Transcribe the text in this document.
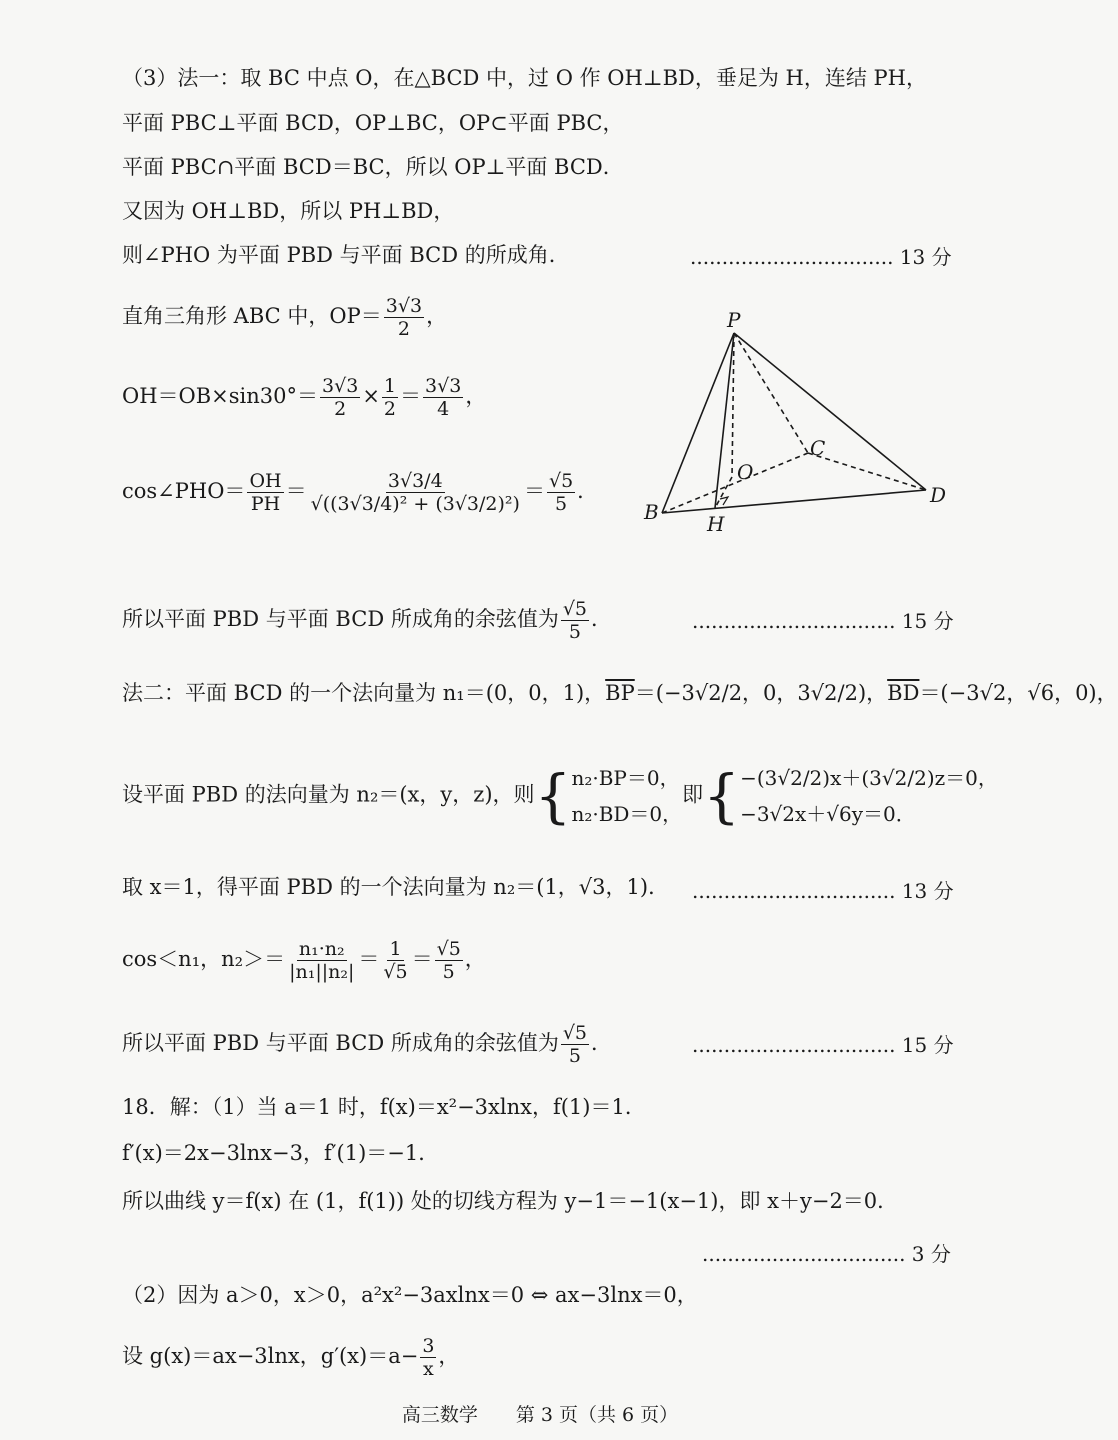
（3）法一：取 BC 中点 O，在△BCD 中，过 O 作 OH⊥BD，垂足为 H，连结 PH，
平面 PBC⊥平面 BCD，OP⊥BC，OP⊂平面 PBC，
平面 PBC∩平面 BCD＝BC，所以 OP⊥平面 BCD．
又因为 OH⊥BD，所以 PH⊥BD，
则∠PHO 为平面 PBD 与平面 BCD 的所成角．	................................ 13 分
直角三角形 ABC 中，$OP= \frac{3√3}{2}$ ，
$OH=OB\times\sin 30^\circ= \frac{3√3}{2} \times \frac{1}{2} = \frac{3√3}{4}$ ，
cos∠PHO＝ $\frac{OH}{PH} = \frac{3√3/4}{\text{√((3√3/4)² + (3√3/2)²)}} = \frac{√5}{5}$ ．
所以平面 PBD 与平面 BCD 所成角的余弦值为 $\frac{√5}{5}$ ．	................................ 15 分
P
B
C
D
O
H
法二：平面 BCD 的一个法向量为 n₁＝(0，0，1)，$\overline{BP}=(-3√2/2$，0，3√2/2)，$\overline{BD}=(-3√2$，√6，0)，
设平面 PBD 的法向量为 n₂＝(x，y，z)，则{ n₂·BP＝0，
n₂·BD＝0，
即{ −(3√2/2)x＋(3√2/2)z＝0，
−3√2x＋√6y＝0．
取 x＝1，得平面 PBD 的一个法向量为 n₂＝(1，√3，1)． ................................ 13 分
cos＜n₁，$n_2>= \frac{\text{n₁·n₂}}{\text{|n₁||n₂|}} = \frac{1}{√5} = \frac{√5}{5}$ ，
所以平面 PBD 与平面 BCD 所成角的余弦值为 $\frac{√5}{5}$ ．	................................ 15 分
18．解：（1）当 a＝1 时，f(x)＝x²−3xlnx，f(1)＝1．
f′(x)＝2x−3lnx−3，f′(1)＝−1．
所以曲线 y＝f(x) 在 (1，f(1)) 处的切线方程为 y−1＝−1(x−1)，即 x＋y−2＝0．
................................ 3 分
（2）因为 a＞0，x＞0，a²x²−3axlnx＝0 ⇔ ax−3lnx＝0，
设 g(x)＝ax−3lnx，$g'(x)=a- \frac{3}{x}$ ，
高三数学　　第 3 页（共 6 页）
